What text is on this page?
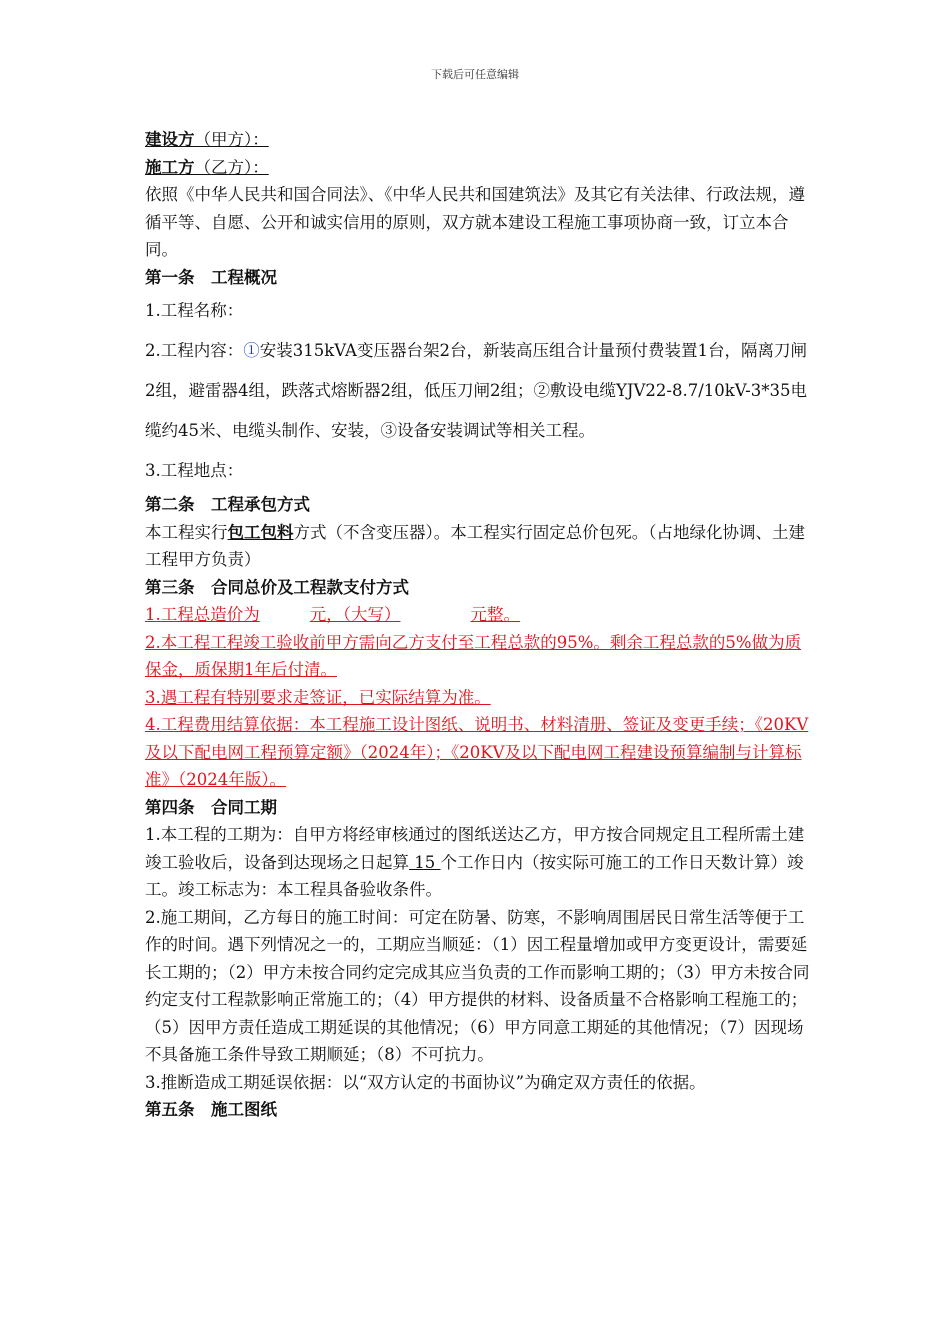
下载后可任意编辑

建设方（甲方）：

施工方（乙方）：

依照《中华人民共和国合同法》、《中华人民共和国建筑法》及其它有关法律、行政法规，遵循平等、自愿、公开和诚实信用的原则，双方就本建设工程施工事项协商一致，订立本合同。

第一条　工程概况

1.工程名称：

2.工程内容：①安装315kVA变压器台架2台，新装高压组合计量预付费装置1台，隔离刀闸2组，避雷器4组，跌落式熔断器2组，低压刀闸2组；②敷设电缆YJV22-8.7/10kV-3*35电缆约45米、电缆头制作、安装，③设备安装调试等相关工程。

3.工程地点：

第二条　工程承包方式

本工程实行包工包料方式（不含变压器）。本工程实行固定总价包死。（占地绿化协调、土建工程甲方负责）

第三条　合同总价及工程款支付方式

1.工程总造价为	元，（大写）	元整。

2.本工程工程竣工验收前甲方需向乙方支付至工程总款的95%。剩余工程总款的5%做为质保金，质保期1年后付清。

3.遇工程有特别要求走签证，已实际结算为准。

4.工程费用结算依据：本工程施工设计图纸、说明书、材料清册、签证及变更手续；《20KV及以下配电网工程预算定额》（2024年）；《20KV及以下配电网工程建设预算编制与计算标准》（2024年版）。

第四条　合同工期

1.本工程的工期为：自甲方将经审核通过的图纸送达乙方，甲方按合同规定且工程所需土建竣工验收后，设备到达现场之日起算 15 个工作日内（按实际可施工的工作日天数计算）竣工。竣工标志为：本工程具备验收条件。

2.施工期间，乙方每日的施工时间：可定在防暑、防寒，不影响周围居民日常生活等便于工作的时间。遇下列情况之一的，工期应当顺延：（1）因工程量增加或甲方变更设计，需要延长工期的；（2）甲方未按合同约定完成其应当负责的工作而影响工期的；（3）甲方未按合同约定支付工程款影响正常施工的；（4）甲方提供的材料、设备质量不合格影响工程施工的；（5）因甲方责任造成工期延误的其他情况；（6）甲方同意工期延的其他情况；（7）因现场不具备施工条件导致工期顺延；（8）不可抗力。

3.推断造成工期延误依据：以“双方认定的书面协议”为确定双方责任的依据。

第五条　施工图纸
